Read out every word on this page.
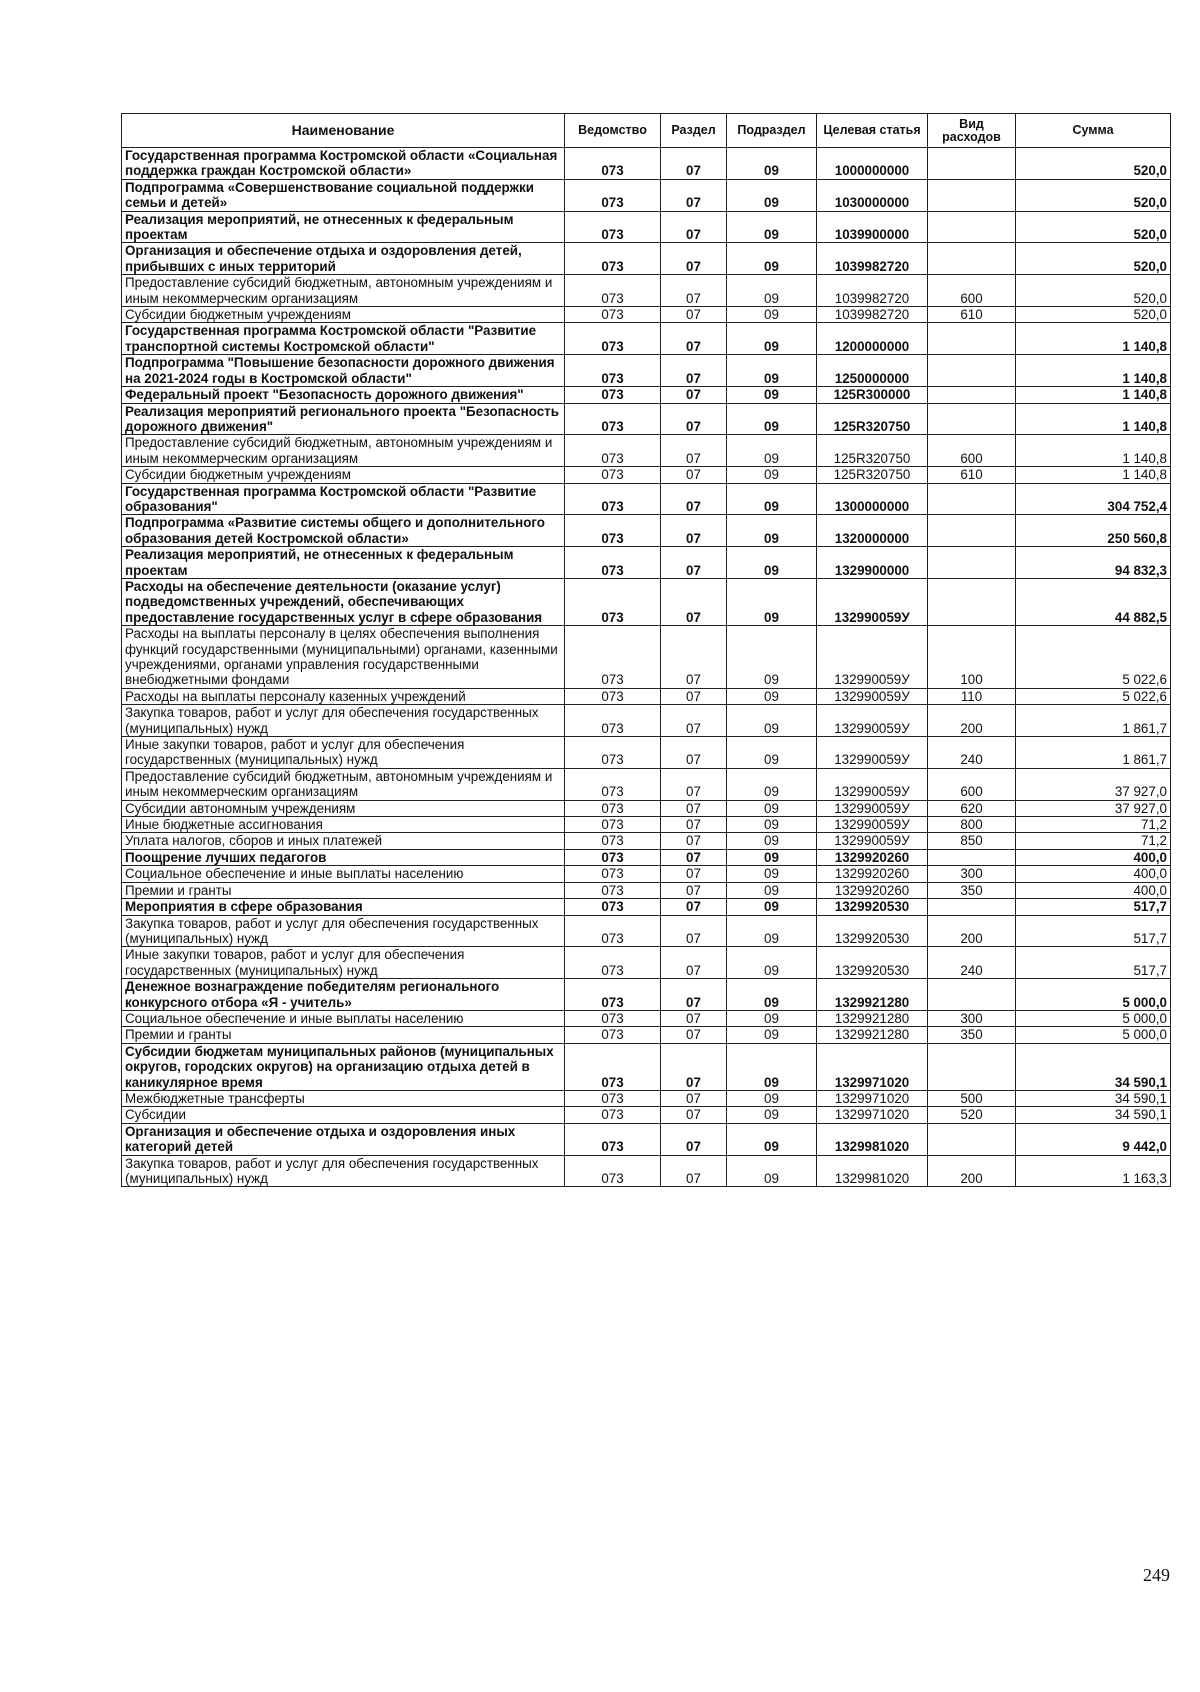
Наименование	Ведомство	Раздел	Подраздел	Целевая статья	Вид расходов	Сумма
Государственная программа Костромской области «Социальная поддержка граждан Костромской области»	073	07	09	1000000000		520,0
Подпрограмма «Совершенствование социальной поддержки семьи и детей»	073	07	09	1030000000		520,0
Реализация мероприятий, не отнесенных к федеральным проектам	073	07	09	1039900000		520,0
Организация и обеспечение отдыха и оздоровления детей, прибывших с иных территорий	073	07	09	1039982720		520,0
Предоставление субсидий бюджетным, автономным учреждениям и иным некоммерческим организациям	073	07	09	1039982720	600	520,0
Субсидии бюджетным учреждениям	073	07	09	1039982720	610	520,0
Государственная программа Костромской области "Развитие транспортной системы Костромской области"	073	07	09	1200000000		1 140,8
Подпрограмма "Повышение безопасности дорожного движения на 2021-2024 годы в Костромской области"	073	07	09	1250000000		1 140,8
Федеральный проект "Безопасность дорожного движения"	073	07	09	125R300000		1 140,8
Реализация мероприятий регионального проекта "Безопасность дорожного движения"	073	07	09	125R320750		1 140,8
Предоставление субсидий бюджетным, автономным учреждениям и иным некоммерческим организациям	073	07	09	125R320750	600	1 140,8
Субсидии бюджетным учреждениям	073	07	09	125R320750	610	1 140,8
Государственная программа Костромской области "Развитие образования"	073	07	09	1300000000		304 752,4
Подпрограмма «Развитие системы общего и дополнительного образования детей Костромской области»	073	07	09	1320000000		250 560,8
Реализация мероприятий, не отнесенных к федеральным проектам	073	07	09	1329900000		94 832,3
Расходы на обеспечение деятельности (оказание услуг) подведомственных учреждений, обеспечивающих предоставление государственных услуг в сфере образования	073	07	09	132990059У		44 882,5
Расходы на выплаты персоналу в целях обеспечения выполнения функций государственными (муниципальными) органами, казенными учреждениями, органами управления государственными внебюджетными фондами	073	07	09	132990059У	100	5 022,6
Расходы на выплаты персоналу казенных учреждений	073	07	09	132990059У	110	5 022,6
Закупка товаров, работ и услуг для обеспечения государственных (муниципальных) нужд	073	07	09	132990059У	200	1 861,7
Иные закупки товаров, работ и услуг для обеспечения государственных (муниципальных) нужд	073	07	09	132990059У	240	1 861,7
Предоставление субсидий бюджетным, автономным учреждениям и иным некоммерческим организациям	073	07	09	132990059У	600	37 927,0
Субсидии автономным учреждениям	073	07	09	132990059У	620	37 927,0
Иные бюджетные ассигнования	073	07	09	132990059У	800	71,2
Уплата налогов, сборов и иных платежей	073	07	09	132990059У	850	71,2
Поощрение лучших педагогов	073	07	09	1329920260		400,0
Социальное обеспечение и иные выплаты населению	073	07	09	1329920260	300	400,0
Премии и гранты	073	07	09	1329920260	350	400,0
Мероприятия в сфере образования	073	07	09	1329920530		517,7
Закупка товаров, работ и услуг для обеспечения государственных (муниципальных) нужд	073	07	09	1329920530	200	517,7
Иные закупки товаров, работ и услуг для обеспечения государственных (муниципальных) нужд	073	07	09	1329920530	240	517,7
Денежное вознаграждение победителям регионального конкурсного отбора «Я - учитель»	073	07	09	1329921280		5 000,0
Социальное обеспечение и иные выплаты населению	073	07	09	1329921280	300	5 000,0
Премии и гранты	073	07	09	1329921280	350	5 000,0
Субсидии бюджетам муниципальных районов (муниципальных округов, городских округов) на организацию отдыха детей в каникулярное время	073	07	09	1329971020		34 590,1
Межбюджетные трансферты	073	07	09	1329971020	500	34 590,1
Субсидии	073	07	09	1329971020	520	34 590,1
Организация и обеспечение отдыха и оздоровления иных категорий детей	073	07	09	1329981020		9 442,0
Закупка товаров, работ и услуг для обеспечения государственных (муниципальных) нужд	073	07	09	1329981020	200	1 163,3
249
